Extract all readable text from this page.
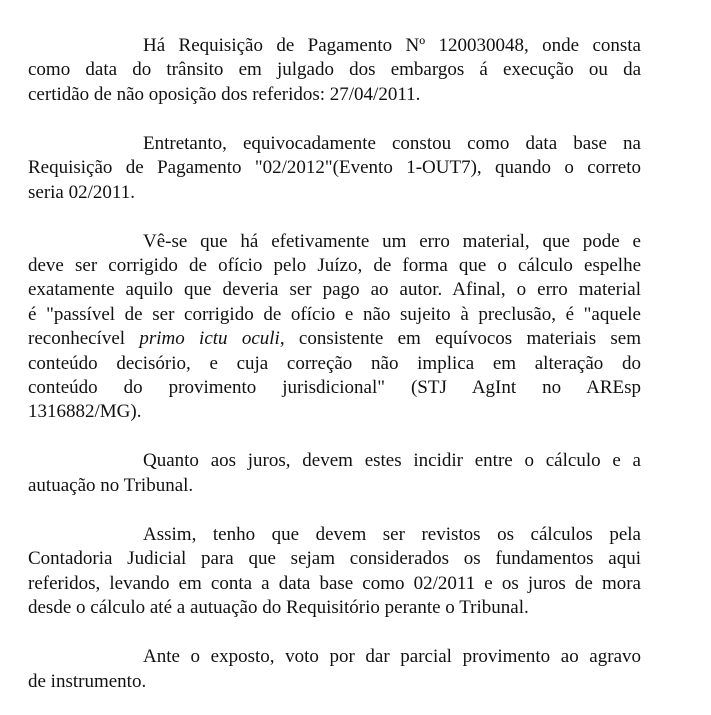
Há Requisição de Pagamento Nº 120030048, onde consta
como data do trânsito em julgado dos embargos á execução ou da
certidão de não oposição dos referidos: 27/04/2011.

Entretanto, equivocadamente constou como data base na
Requisição de Pagamento "02/2012"(Evento 1-OUT7), quando o correto
seria 02/2011.

Vê-se que há efetivamente um erro material, que pode e
deve ser corrigido de ofício pelo Juízo, de forma que o cálculo espelhe
exatamente aquilo que deveria ser pago ao autor. Afinal, o erro material
é "passível de ser corrigido de ofício e não sujeito à preclusão, é "aquele
reconhecível primo ictu oculi, consistente em equívocos materiais sem
conteúdo decisório, e cuja correção não implica em alteração do
conteúdo do provimento jurisdicional" (STJ AgInt no AREsp
1316882/MG).

Quanto aos juros, devem estes incidir entre o cálculo e a
autuação no Tribunal.

Assim, tenho que devem ser revistos os cálculos pela
Contadoria Judicial para que sejam considerados os fundamentos aqui
referidos, levando em conta a data base como 02/2011 e os juros de mora
desde o cálculo até a autuação do Requisitório perante o Tribunal.

Ante o exposto, voto por dar parcial provimento ao agravo
de instrumento.
